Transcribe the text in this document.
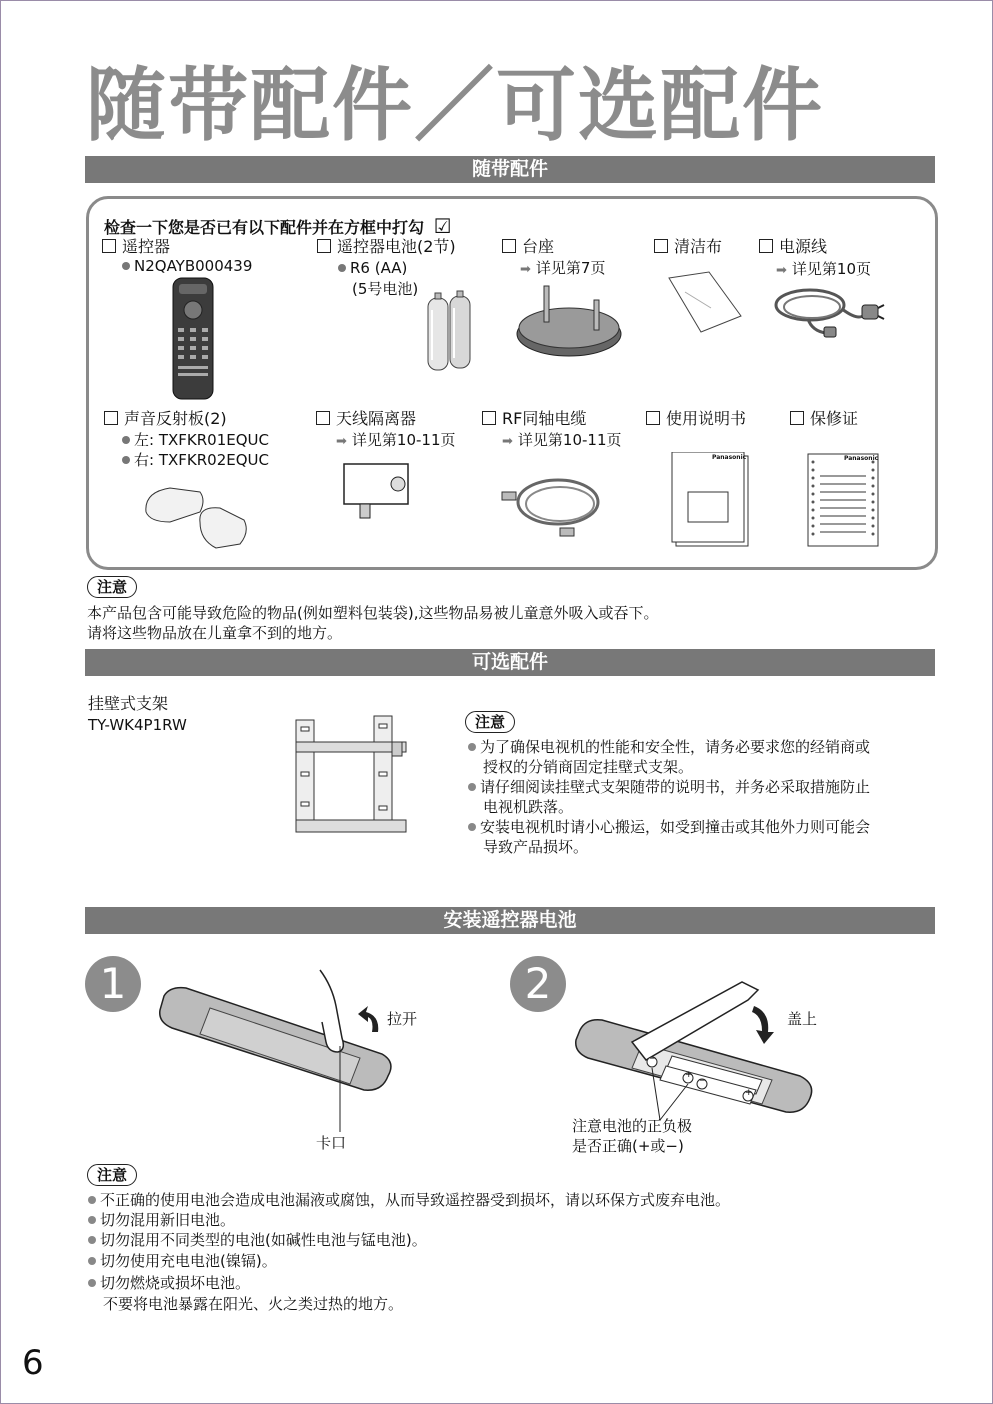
随带配件／可选配件
随带配件
检查一下您是否已有以下配件并在方框中打勾 ☑
遥控器
N2QAYB000439
遥控器电池(2节)
R6 (AA)
(5号电池)
台座
➡ 详见第7页
清洁布	电源线
➡ 详见第10页
声音反射板(2)
左: TXFKR01EQUC
右: TXFKR02EQUC
天线隔离器
➡ 详见第10-11页
RF同轴电缆
➡ 详见第10-11页
使用说明书	保修证
Panasonic	Panasonic
注意
本产品包含可能导致危险的物品(例如塑料包装袋),这些物品易被儿童意外吸入或吞下。
请将这些物品放在儿童拿不到的地方。
可选配件
挂壁式支架
TY-WK4P1RW	注意
为了确保电视机的性能和安全性，请务必要求您的经销商或
授权的分销商固定挂壁式支架。
请仔细阅读挂壁式支架随带的说明书，并务必采取措施防止
电视机跌落。
安装电视机时请小心搬运，如受到撞击或其他外力则可能会
导致产品损坏。
安装遥控器电池
1	2
拉开
卡口
−
+
−
+
盖上
注意电池的正负极
是否正确(+或−)
注意
不正确的使用电池会造成电池漏液或腐蚀，从而导致遥控器受到损坏，请以环保方式废弃电池。
切勿混用新旧电池。
切勿混用不同类型的电池(如碱性电池与锰电池)。
切勿使用充电电池(镍镉)。
切勿燃烧或损坏电池。
不要将电池暴露在阳光、火之类过热的地方。
6
